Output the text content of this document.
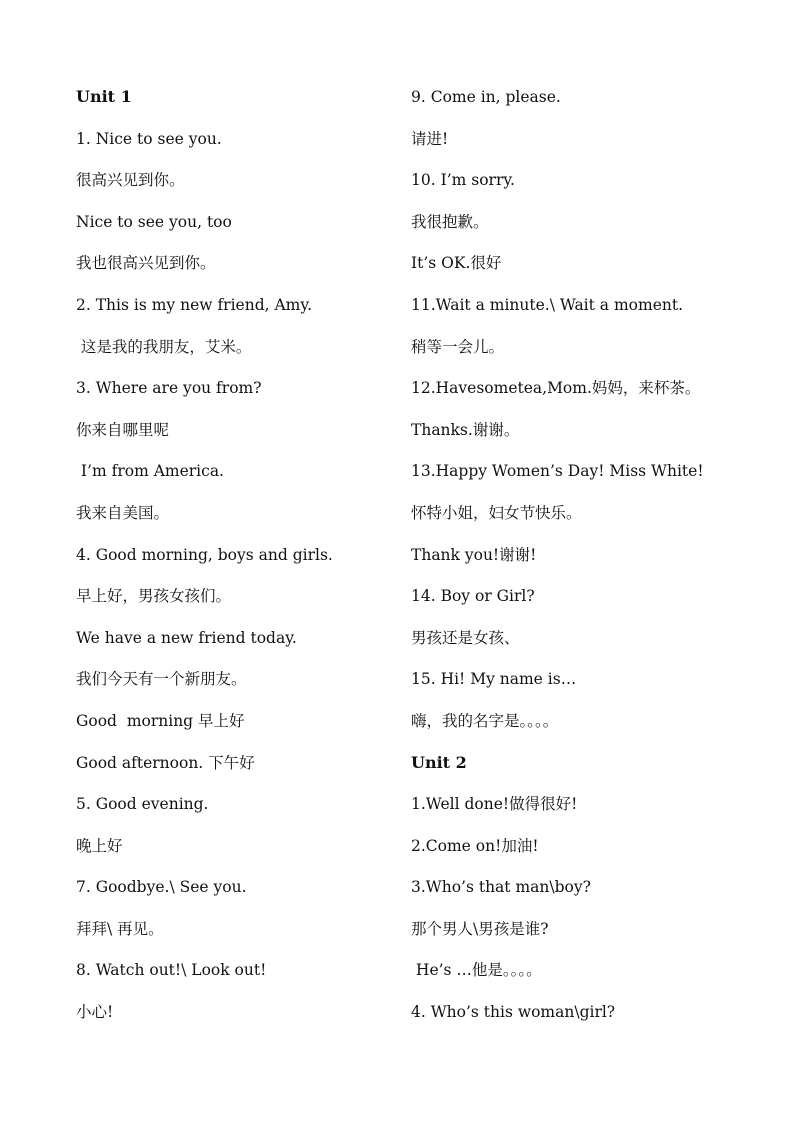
Unit 1
1. Nice to see you.
很高兴见到你。
Nice to see you, too
我也很高兴见到你。
2. This is my new friend, Amy.
这是我的我朋友，艾米。
3. Where are you from?
你来自哪里呢
I’m from America.
我来自美国。
4. Good morning, boys and girls.
早上好，男孩女孩们。
We have a new friend today.
我们今天有一个新朋友。
Good  morning 早上好
Good afternoon. 下午好
5. Good evening.
晚上好
7. Goodbye.\ See you.
拜拜\ 再见。
8. Watch out!\ Look out!
小心!
9. Come in, please.
请进!
10. I’m sorry.
我很抱歉。
It’s OK.很好
11.Wait a minute.\ Wait a moment.
稍等一会儿。
12.Havesometea,Mom.妈妈，来杯茶。
Thanks.谢谢。
13.Happy Women’s Day! Miss White!
怀特小姐，妇女节快乐。
Thank you!谢谢!
14. Boy or Girl?
男孩还是女孩、
15. Hi! My name is…
嗨，我的名字是。。。。
Unit 2
1.Well done!做得很好!
2.Come on!加油!
3.Who’s that man\boy?
那个男人\男孩是谁?
He’s …他是。。。。
4. Who’s this woman\girl?
